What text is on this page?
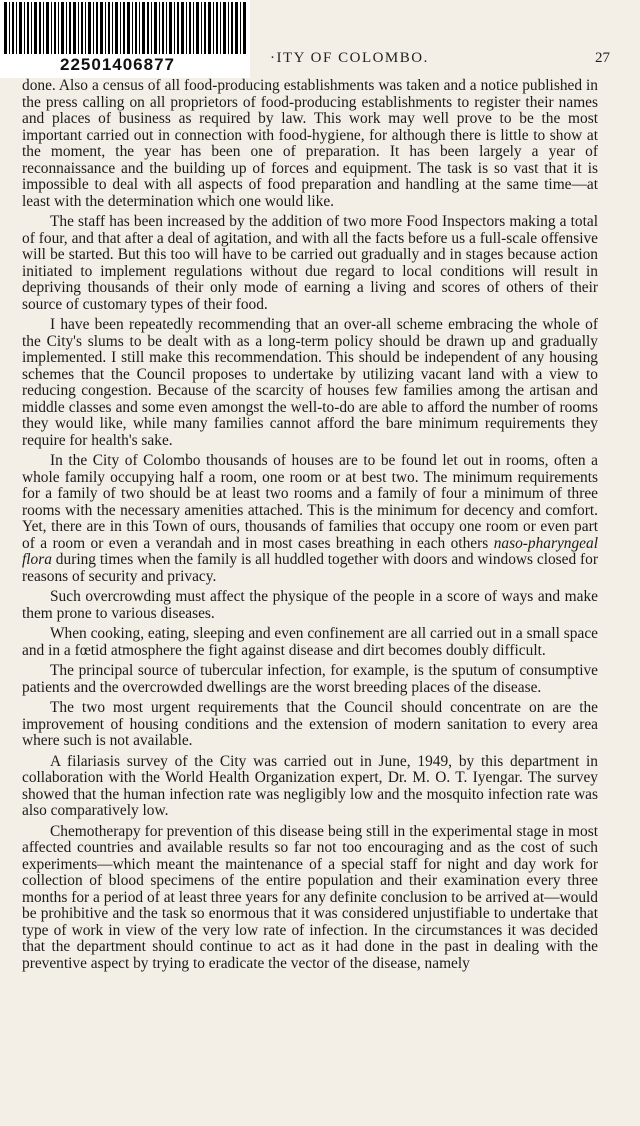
22501406877	·ITY OF COLOMBO.	27

done. Also a census of all food-producing establishments was taken and a notice published in the press calling on all proprietors of food-producing establishments to register their names and places of business as required by law. This work may well prove to be the most important carried out in connection with food-hygiene, for although there is little to show at the moment, the year has been one of preparation. It has been largely a year of reconnaissance and the building up of forces and equipment. The task is so vast that it is impossible to deal with all aspects of food preparation and handling at the same time—at least with the determination which one would like.

The staff has been increased by the addition of two more Food Inspectors making a total of four, and that after a deal of agitation, and with all the facts before us a full-scale offensive will be started. But this too will have to be carried out gradually and in stages because action initiated to implement regulations without due regard to local conditions will result in depriving thousands of their only mode of earning a living and scores of others of their source of customary types of their food.

I have been repeatedly recommending that an over-all scheme embracing the whole of the City's slums to be dealt with as a long-term policy should be drawn up and gradually implemented. I still make this recommendation. This should be independent of any housing schemes that the Council proposes to undertake by utilizing vacant land with a view to reducing congestion. Because of the scarcity of houses few families among the artisan and middle classes and some even amongst the well-to-do are able to afford the number of rooms they would like, while many families cannot afford the bare minimum requirements they require for health's sake.

In the City of Colombo thousands of houses are to be found let out in rooms, often a whole family occupying half a room, one room or at best two. The minimum requirements for a family of two should be at least two rooms and a family of four a minimum of three rooms with the necessary amenities attached. This is the minimum for decency and comfort. Yet, there are in this Town of ours, thousands of families that occupy one room or even part of a room or even a verandah and in most cases breathing in each others naso-pharyngeal flora during times when the family is all huddled together with doors and windows closed for reasons of security and privacy.

Such overcrowding must affect the physique of the people in a score of ways and make them prone to various diseases.

When cooking, eating, sleeping and even confinement are all carried out in a small space and in a fœtid atmosphere the fight against disease and dirt becomes doubly difficult.

The principal source of tubercular infection, for example, is the sputum of consumptive patients and the overcrowded dwellings are the worst breeding places of the disease.

The two most urgent requirements that the Council should concentrate on are the improvement of housing conditions and the extension of modern sanitation to every area where such is not available.

A filariasis survey of the City was carried out in June, 1949, by this department in collaboration with the World Health Organization expert, Dr. M. O. T. Iyengar. The survey showed that the human infection rate was negligibly low and the mosquito infection rate was also comparatively low.

Chemotherapy for prevention of this disease being still in the experimental stage in most affected countries and available results so far not too encouraging and as the cost of such experiments—which meant the maintenance of a special staff for night and day work for collection of blood specimens of the entire population and their examination every three months for a period of at least three years for any definite conclusion to be arrived at—would be prohibitive and the task so enormous that it was considered unjustifiable to undertake that type of work in view of the very low rate of infection. In the circumstances it was decided that the department should continue to act as it had done in the past in dealing with the preventive aspect by trying to eradicate the vector of the disease, namely
